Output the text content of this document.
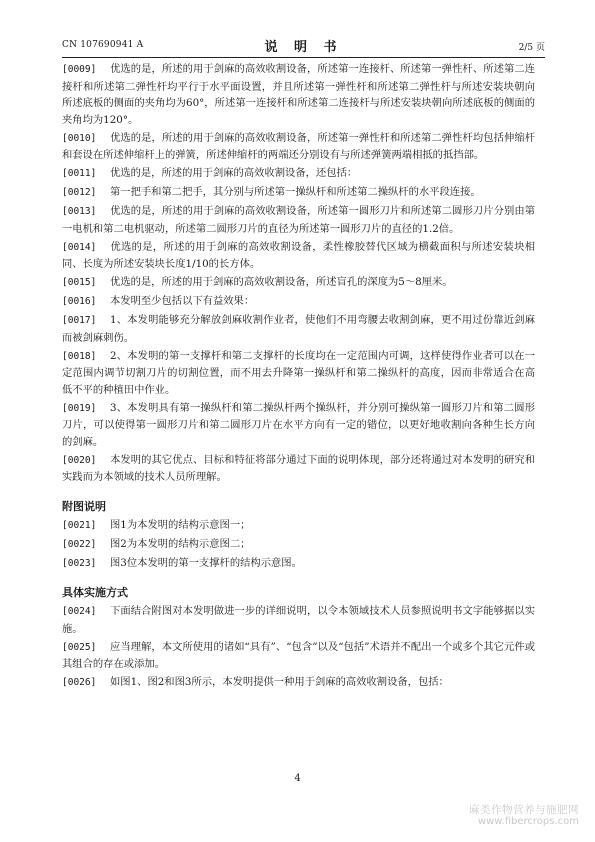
CN 107690941 A	说 明 书	2/5 页

[0009] 优选的是，所述的用于剑麻的高效收割设备，所述第一连接杆、所述第一弹性杆、所述第二连接杆和所述第二弹性杆均平行于水平面设置，并且所述第一弹性杆和所述第二弹性杆与所述安装块朝向所述底板的侧面的夹角均为60°，所述第一连接杆和所述第二连接杆与所述安装块朝向所述底板的侧面的夹角均为120°。

[0010] 优选的是，所述的用于剑麻的高效收割设备，所述第一弹性杆和所述第二弹性杆均包括伸缩杆和套设在所述伸缩杆上的弹簧，所述伸缩杆的两端还分别设有与所述弹簧两端相抵的抵挡部。

[0011] 优选的是，所述的用于剑麻的高效收割设备，还包括：

[0012] 第一把手和第二把手，其分别与所述第一操纵杆和所述第二操纵杆的水平段连接。

[0013] 优选的是，所述的用于剑麻的高效收割设备，所述第一圆形刀片和所述第二圆形刀片分别由第一电机和第二电机驱动，所述第二圆形刀片的直径为所述第一圆形刀片的直径的1.2倍。

[0014] 优选的是，所述的用于剑麻的高效收割设备，柔性橡胶替代区域为横截面积与所述安装块相同、长度为所述安装块长度1/10的长方体。

[0015] 优选的是，所述的用于剑麻的高效收割设备，所述盲孔的深度为5～8厘米。

[0016] 本发明至少包括以下有益效果：

[0017] 1、本发明能够充分解放剑麻收割作业者，使他们不用弯腰去收割剑麻，更不用过份靠近剑麻而被剑麻刺伤。

[0018] 2、本发明的第一支撑杆和第二支撑杆的长度均在一定范围内可调，这样使得作业者可以在一定范围内调节切割刀片的切割位置，而不用去升降第一操纵杆和第二操纵杆的高度，因而非常适合在高低不平的种植田中作业。

[0019] 3、本发明具有第一操纵杆和第二操纵杆两个操纵杆，并分别可操纵第一圆形刀片和第二圆形刀片，可以使得第一圆形刀片和第二圆形刀片在水平方向有一定的错位，以更好地收割向各种生长方向的剑麻。

[0020] 本发明的其它优点、目标和特征将部分通过下面的说明体现，部分还将通过对本发明的研究和实践而为本领域的技术人员所理解。

附图说明

[0021] 图1为本发明的结构示意图一；

[0022] 图2为本发明的结构示意图二；

[0023] 图3位本发明的第一支撑杆的结构示意图。

具体实施方式

[0024] 下面结合附图对本发明做进一步的详细说明，以令本领域技术人员参照说明书文字能够据以实施。

[0025] 应当理解，本文所使用的诸如“具有”、“包含”以及“包括”术语并不配出一个或多个其它元件或其组合的存在或添加。

[0026] 如图1、图2和图3所示，本发明提供一种用于剑麻的高效收割设备，包括：

4
麻类作物营养与施肥网
www.fibercrops.com
